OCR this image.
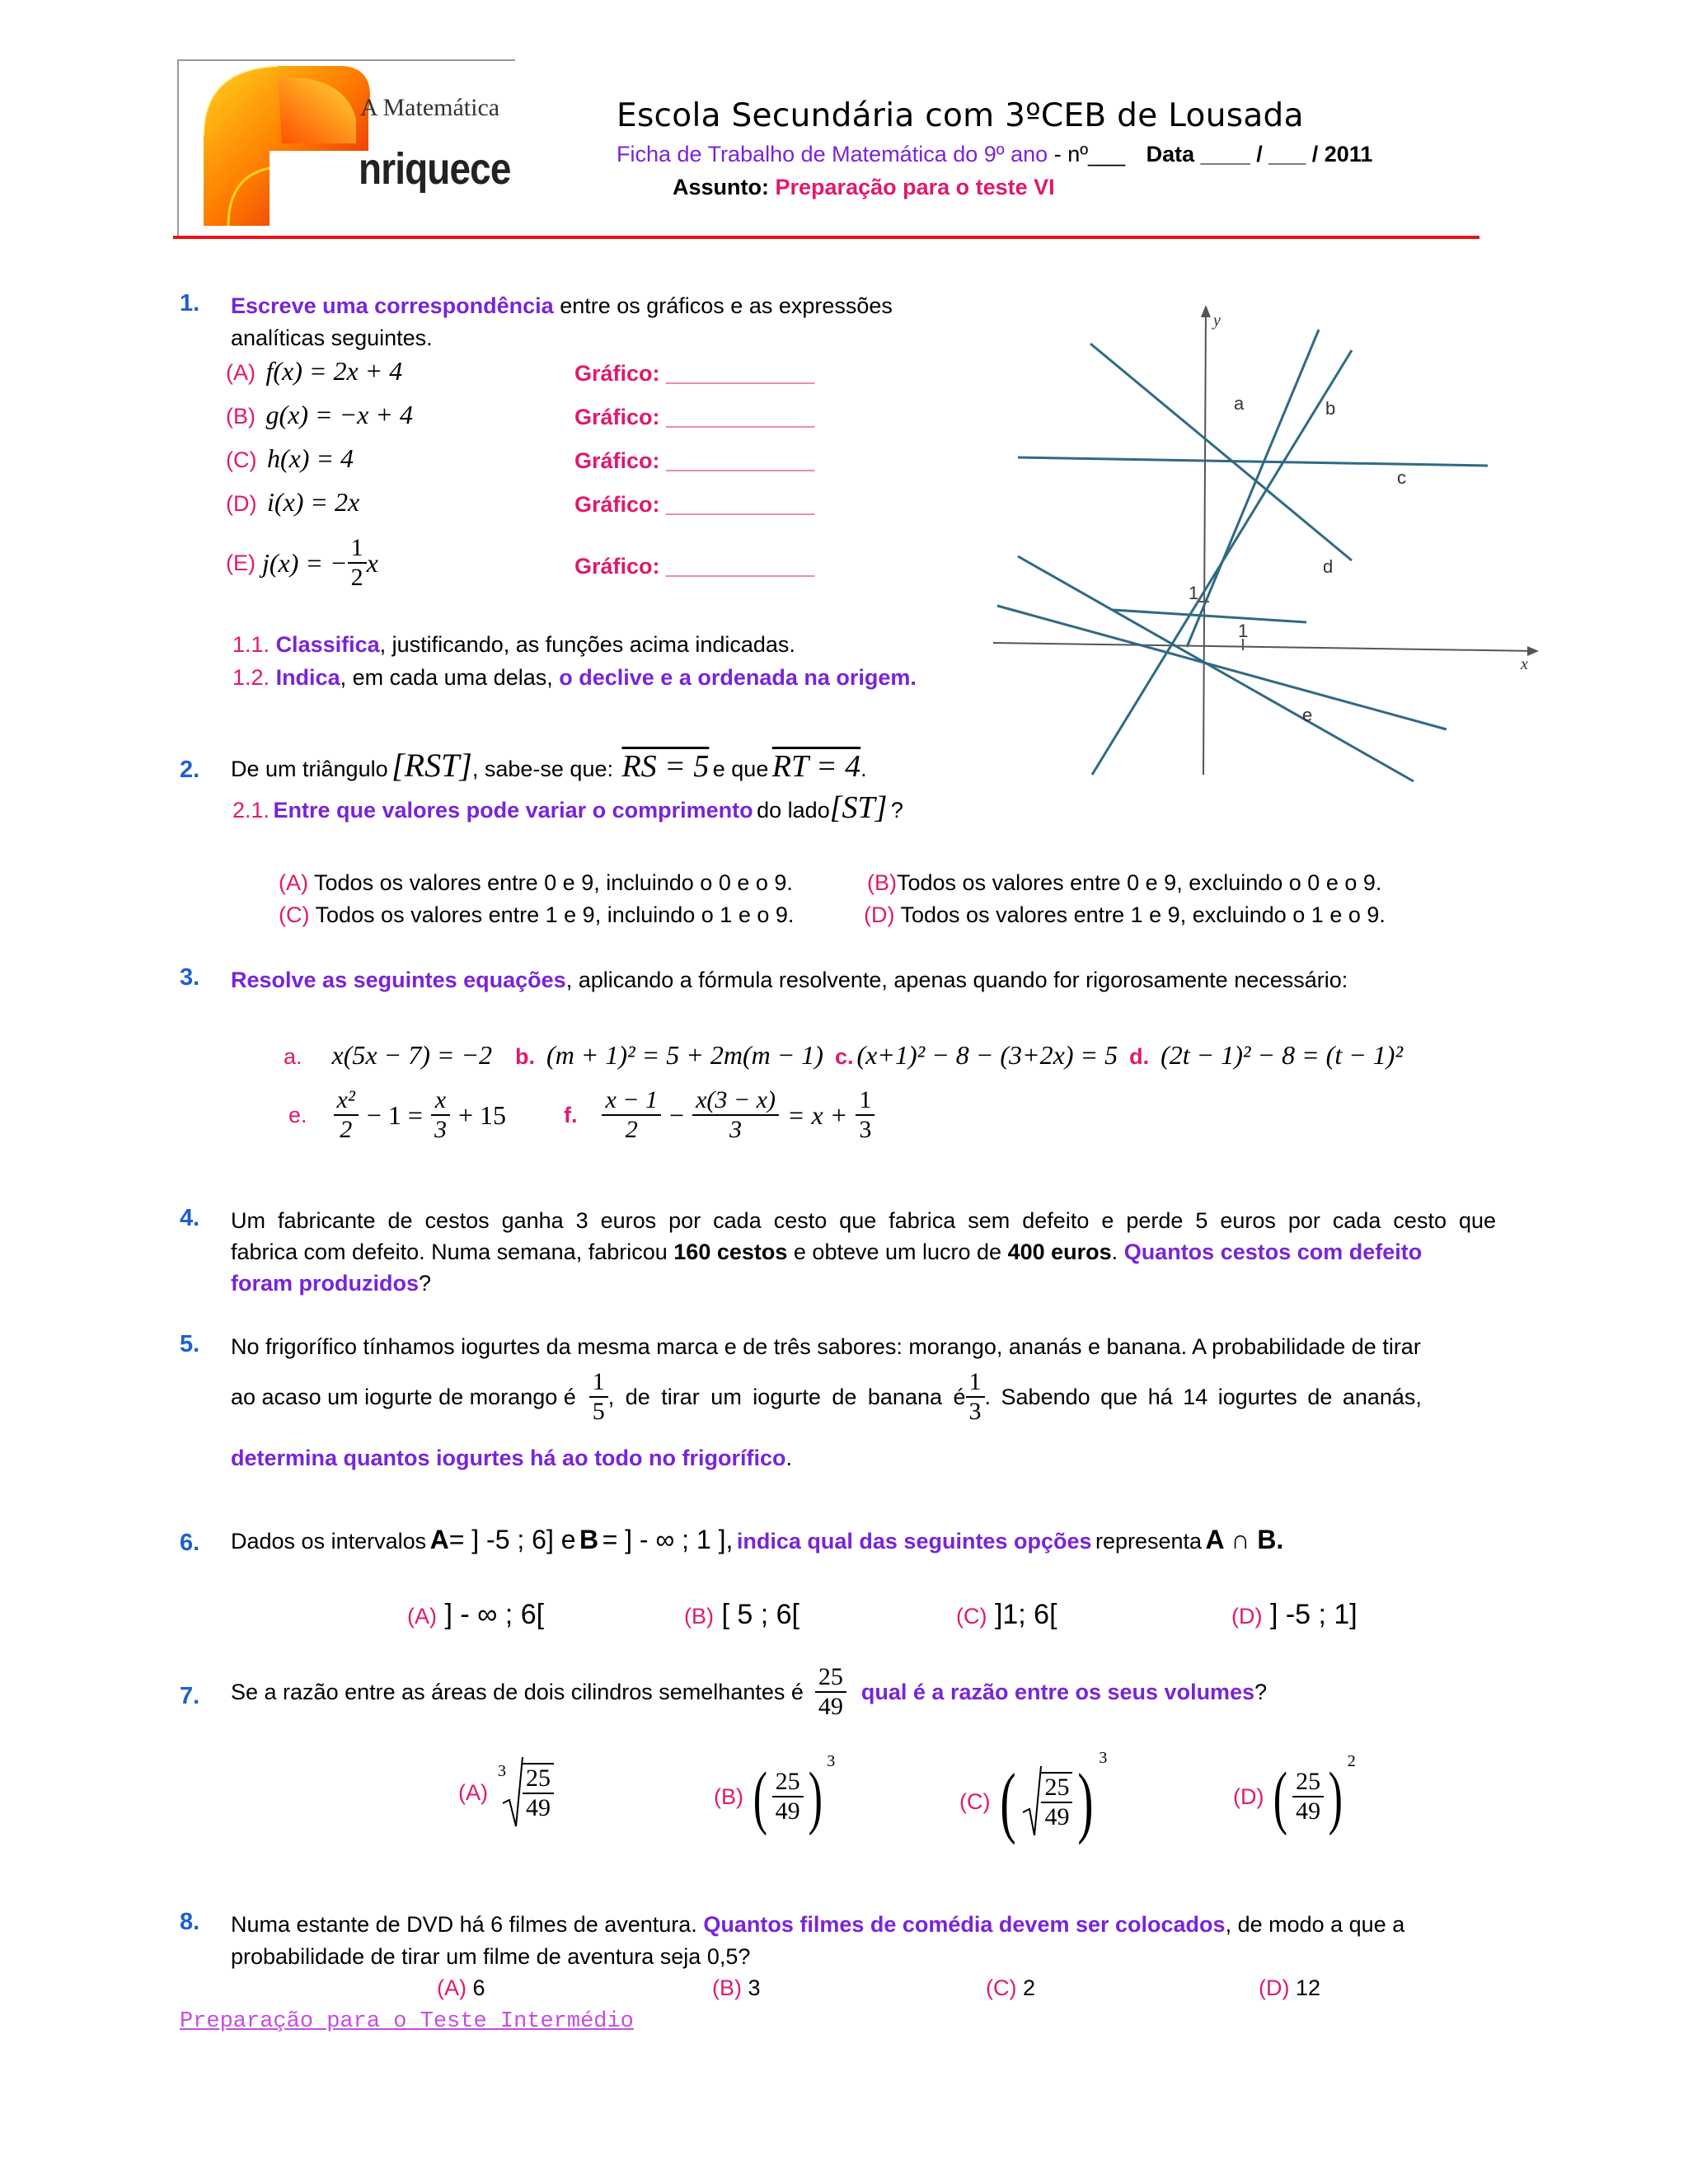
A Matemática
nriquece
Escola Secundária com 3ºCEB de Lousada
Ficha de Trabalho de Matemática do 9º ano - nº___ Data ____ / ___ / 2011
Assunto: Preparação para o teste VI
1. Escreve uma correspondência entre os gráficos e as expressões
analíticas seguintes.
(A) f(x) = 2x + 4	Gráfico: ____________
(B) g(x) = −x + 4	Gráfico: ____________
(C) h(x) = 4	Gráfico: ____________
(D) i(x) = 2x	Gráfico: ____________
(E) j(x) = − $\frac{1}{2}$ x	Gráfico: ____________
1.1. Classifica, justificando, as funções acima indicadas.
1.2. Indica, em cada uma delas, o declive e a ordenada na origem.
a	b
c
d
e
1
1
x
y
2. De um triângulo [RST], sabe-se que: RS = 5 e que RT = 4.
2.1. Entre que valores pode variar o comprimento do lado[ST] ?
(A) Todos os valores entre 0 e 9, incluindo o 0 e o 9.	(B)Todos os valores entre 0 e 9, excluindo o 0 e o 9.
(C) Todos os valores entre 1 e 9, incluindo o 1 e o 9.	(D) Todos os valores entre 1 e 9, excluindo o 1 e o 9.
3. Resolve as seguintes equações, aplicando a fórmula resolvente, apenas quando for rigorosamente necessário:
a. x(5x − 7) = −2 b. (m + 1)² = 5 + 2m(m − 1) c. (x+1)² − 8 − (3+2x) = 5 d. (2t − 1)² − 8 = (t − 1)²
e. $\frac{\text{x²}}{2} - 1 = \frac{x}{3} + 15$	f. $\frac{x - 1}{2} - \frac{x(3 - x)}{3} = x + \frac{1}{3}$
4. Um fabricante de cestos ganha 3 euros por cada cesto que fabrica sem defeito e perde 5 euros por cada cesto que
fabrica com defeito. Numa semana, fabricou 160 cestos e obteve um lucro de 400 euros. Quantos cestos com defeito
foram produzidos?
5. No frigorífico tínhamos iogurtes da mesma marca e de três sabores: morango, ananás e banana. A probabilidade de tirar
ao acaso um iogurte de morango é $\frac{1}{5}$ , de tirar um iogurte de banana é $\frac{1}{3}$ . Sabendo que há 14 iogurtes de ananás,
determina quantos iogurtes há ao todo no frigorífico.
6. Dados os intervalos A= ] -5 ; 6] e B = ] - ∞ ; 1 ], indica qual das seguintes opções representa A ∩ B.
(A) ] - ∞ ; 6[	(B) [ 5 ; 6[	(C) ]1; 6[	(D) ] -5 ; 1]
7. Se a razão entre as áreas de dois cilindros semelhantes é $\frac{25}{49}$ qual é a razão entre os seus volumes ?
(A)
$3 \frac{25}{49}$	(B) ( $\frac{25}{49}$ ) 3
(C) ( $\frac{25}{49}$ ) 3
(D) ( $\frac{25}{49}$ ) 2
8. Numa estante de DVD há 6 filmes de aventura. Quantos filmes de comédia devem ser colocados, de modo a que a
probabilidade de tirar um filme de aventura seja 0,5?
(A) 6	(B) 3	(C) 2	(D) 12
Preparação para o Teste Intermédio
